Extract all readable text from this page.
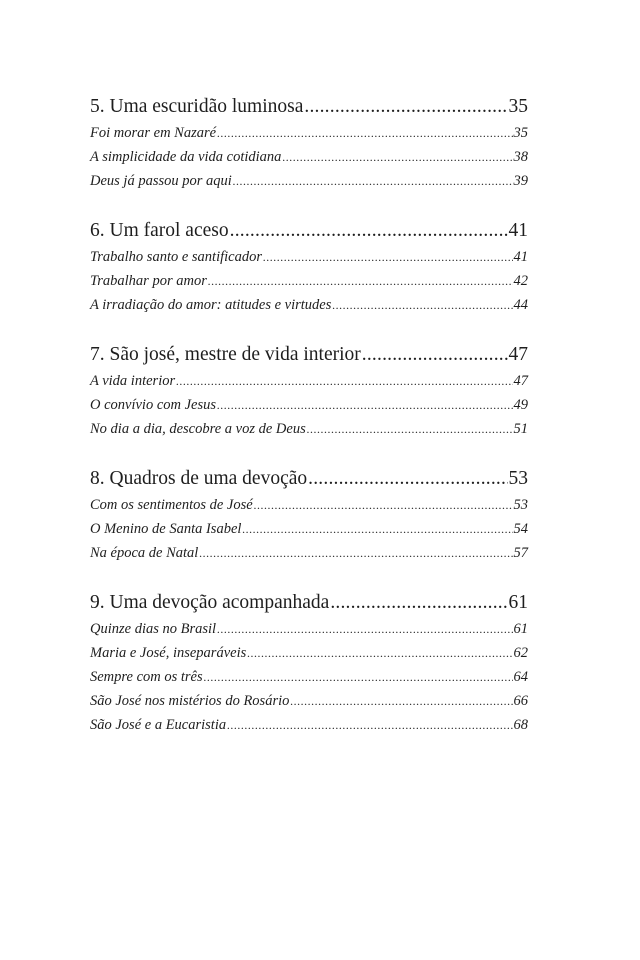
5. Uma escuridão luminosa .....	35
Foi morar em Nazaré .....	35
A simplicidade da vida cotidiana .....	38
Deus já passou por aqui .....	39
6. Um farol aceso .....	41
Trabalho santo e santificador .....	41
Trabalhar por amor .....	42
A irradiação do amor: atitudes e virtudes .....	44
7. São josé, mestre de vida interior .....	47
A vida interior .....	47
O convívio com Jesus .....	49
No dia a dia, descobre a voz de Deus .....	51
8. Quadros de uma devoção .....	53
Com os sentimentos de José .....	53
O Menino de Santa Isabel .....	54
Na época de Natal .....	57
9. Uma devoção acompanhada .....	61
Quinze dias no Brasil .....	61
Maria e José, inseparáveis .....	62
Sempre com os três .....	64
São José nos mistérios do Rosário .....	66
São José e a Eucaristia .....	68
